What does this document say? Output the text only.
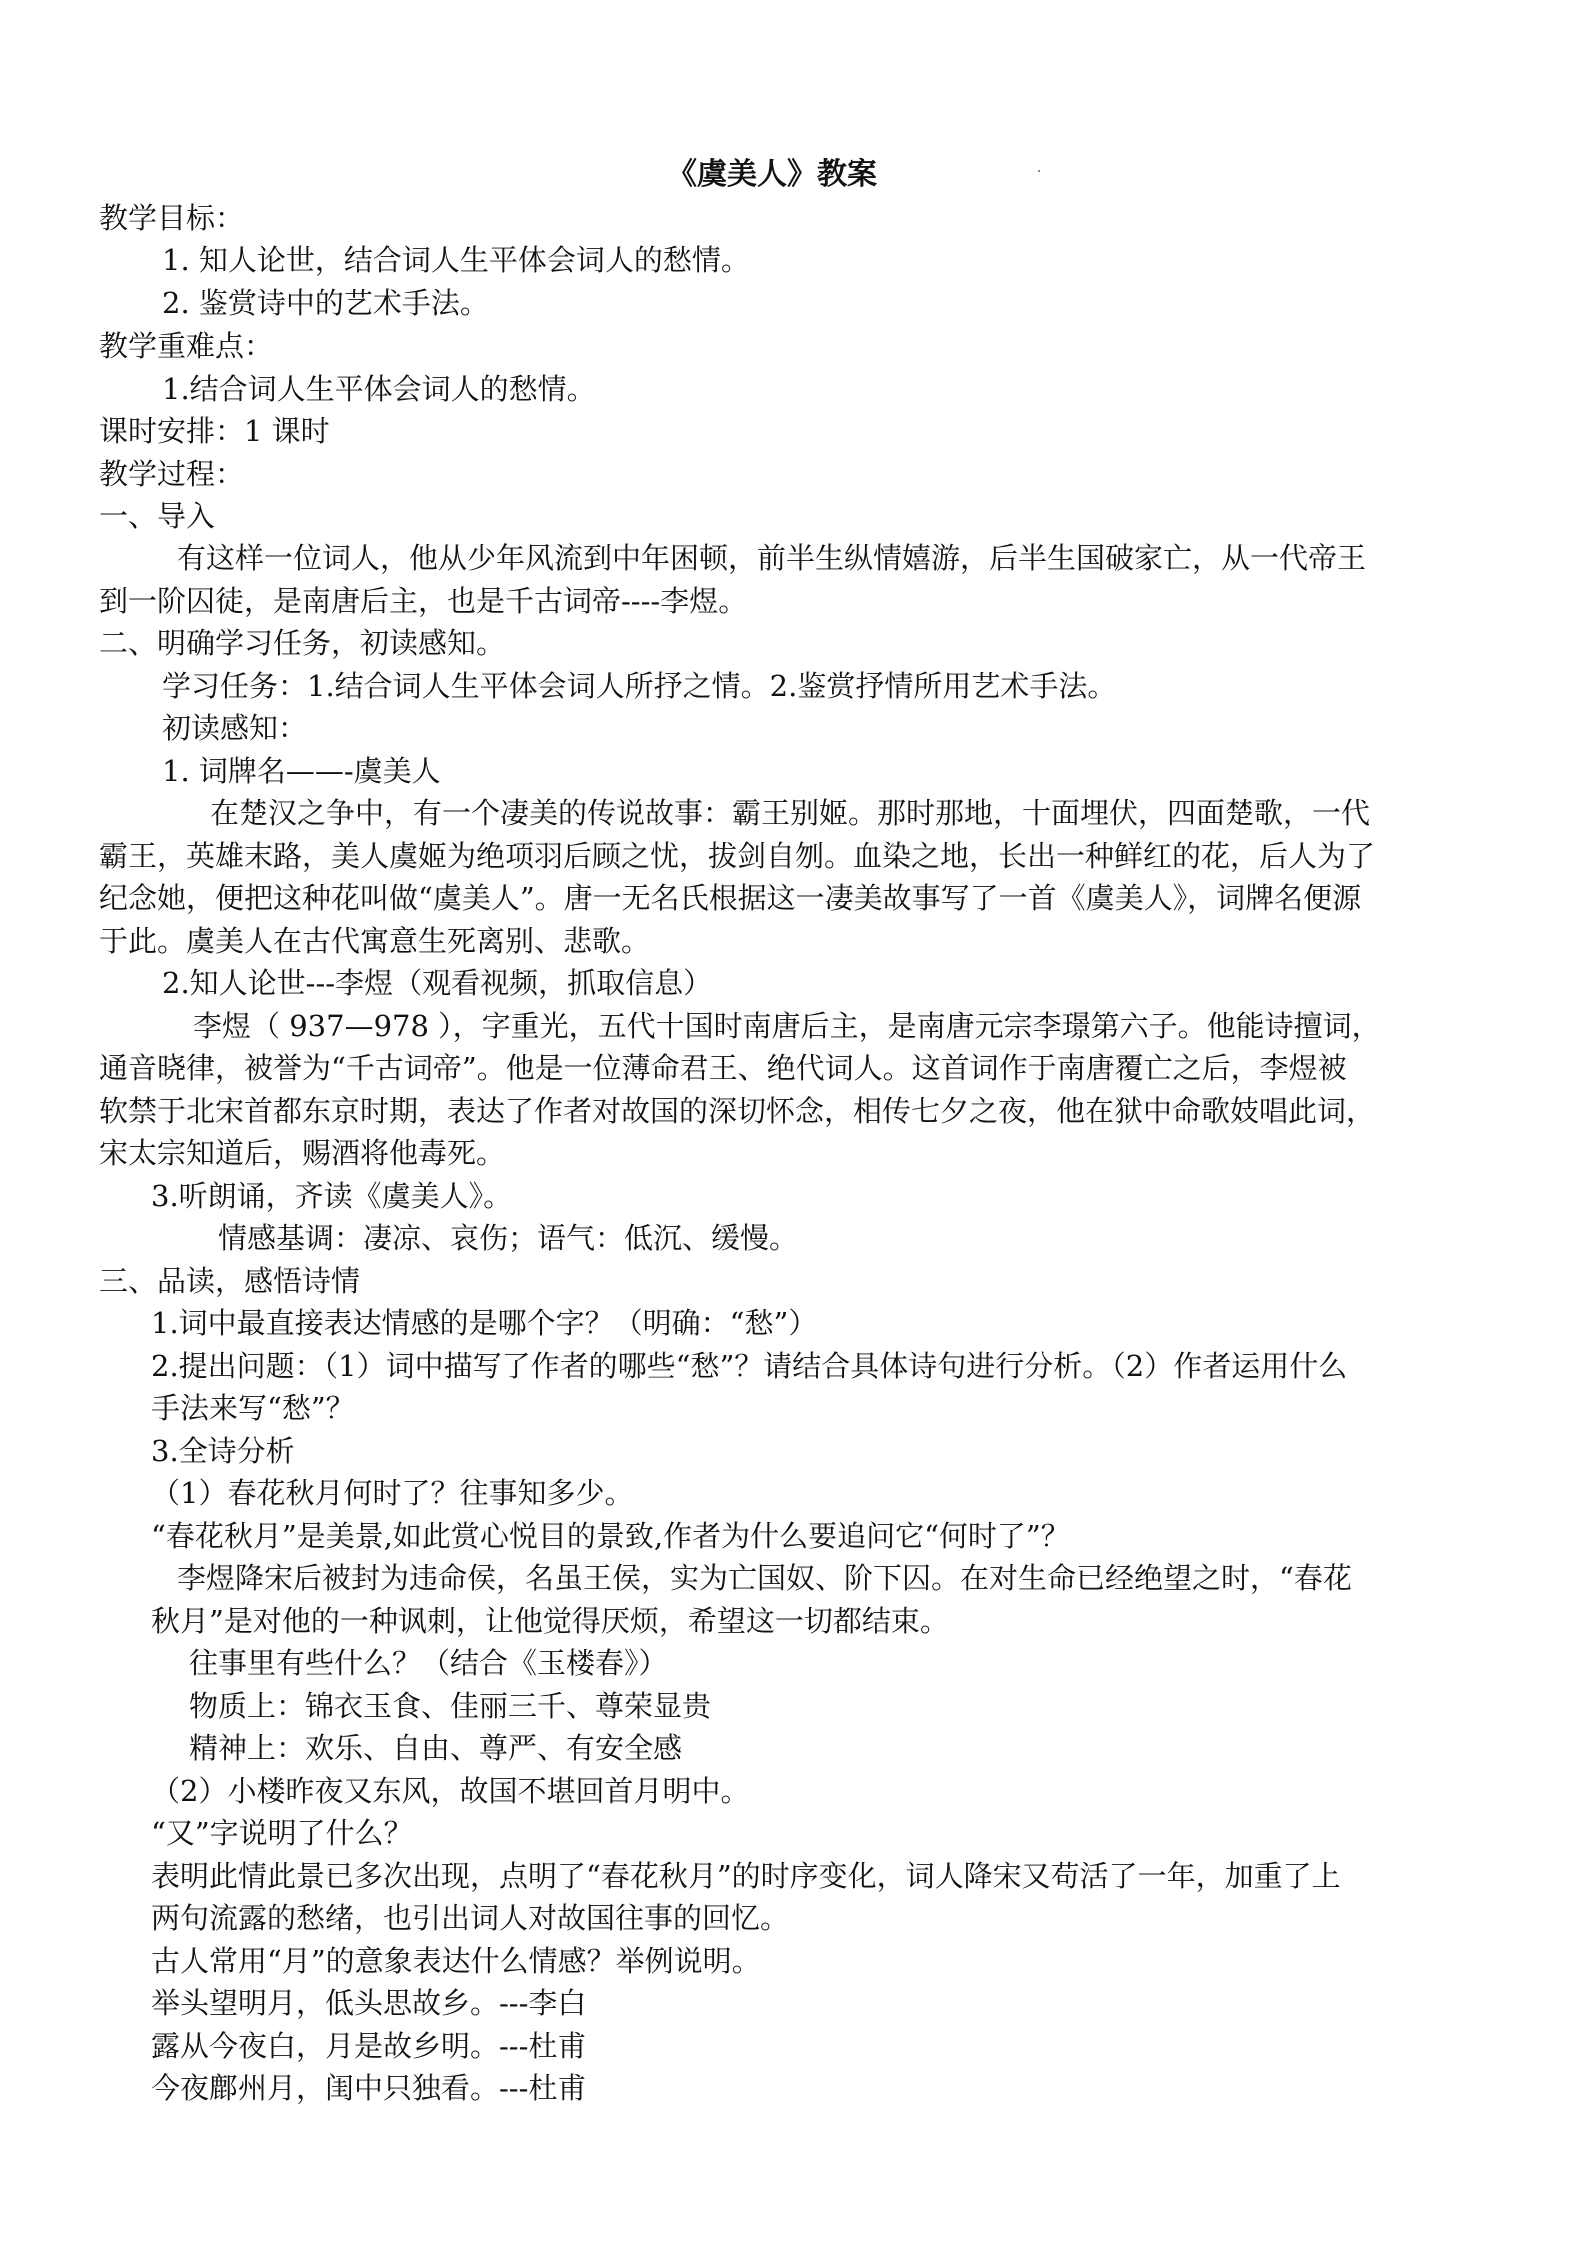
《虞美人》教案
教学目标：
1. 知人论世，结合词人生平体会词人的愁情。
2. 鉴赏诗中的艺术手法。
教学重难点：
1.结合词人生平体会词人的愁情。
课时安排：1 课时
教学过程：
一、导入
有这样一位词人，他从少年风流到中年困顿，前半生纵情嬉游，后半生国破家亡，从一代帝王
到一阶囚徒，是南唐后主，也是千古词帝----李煜。
二、明确学习任务，初读感知。
学习任务：1.结合词人生平体会词人所抒之情。2.鉴赏抒情所用艺术手法。
初读感知：
1. 词牌名——-虞美人
在楚汉之争中，有一个凄美的传说故事：霸王别姬。那时那地，十面埋伏，四面楚歌，一代
霸王，英雄末路，美人虞姬为绝项羽后顾之忧，拔剑自刎。血染之地，长出一种鲜红的花，后人为了
纪念她，便把这种花叫做“虞美人”。唐一无名氏根据这一凄美故事写了一首《虞美人》，词牌名便源
于此。虞美人在古代寓意生死离别、悲歌。
2.知人论世---李煜（观看视频，抓取信息）
李煜（ 937—978 ），字重光，五代十国时南唐后主，是南唐元宗李璟第六子。他能诗擅词，
通音晓律，被誉为“千古词帝”。他是一位薄命君王、绝代词人。这首词作于南唐覆亡之后，李煜被
软禁于北宋首都东京时期，表达了作者对故国的深切怀念，相传七夕之夜，他在狱中命歌妓唱此词，
宋太宗知道后，赐酒将他毒死。
3.听朗诵，齐读《虞美人》。
情感基调：凄凉、哀伤；语气：低沉、缓慢。
三、品读，感悟诗情
1.词中最直接表达情感的是哪个字？（明确：“愁”）
2.提出问题：（1）词中描写了作者的哪些“愁”？请结合具体诗句进行分析。（2）作者运用什么
手法来写“愁”？
3.全诗分析
（1）春花秋月何时了？往事知多少。
“春花秋月”是美景,如此赏心悦目的景致,作者为什么要追问它“何时了”？
李煜降宋后被封为违命侯，名虽王侯，实为亡国奴、阶下囚。在对生命已经绝望之时，“春花
秋月”是对他的一种讽刺，让他觉得厌烦，希望这一切都结束。
往事里有些什么？（结合《玉楼春》）
物质上：锦衣玉食、佳丽三千、尊荣显贵
精神上：欢乐、自由、尊严、有安全感
（2）小楼昨夜又东风，故国不堪回首月明中。
“又”字说明了什么？
表明此情此景已多次出现，点明了“春花秋月”的时序变化，词人降宋又苟活了一年，加重了上
两句流露的愁绪，也引出词人对故国往事的回忆。
古人常用“月”的意象表达什么情感？举例说明。
举头望明月，低头思故乡。---李白
露从今夜白，月是故乡明。---杜甫
今夜鄜州月，闺中只独看。---杜甫
